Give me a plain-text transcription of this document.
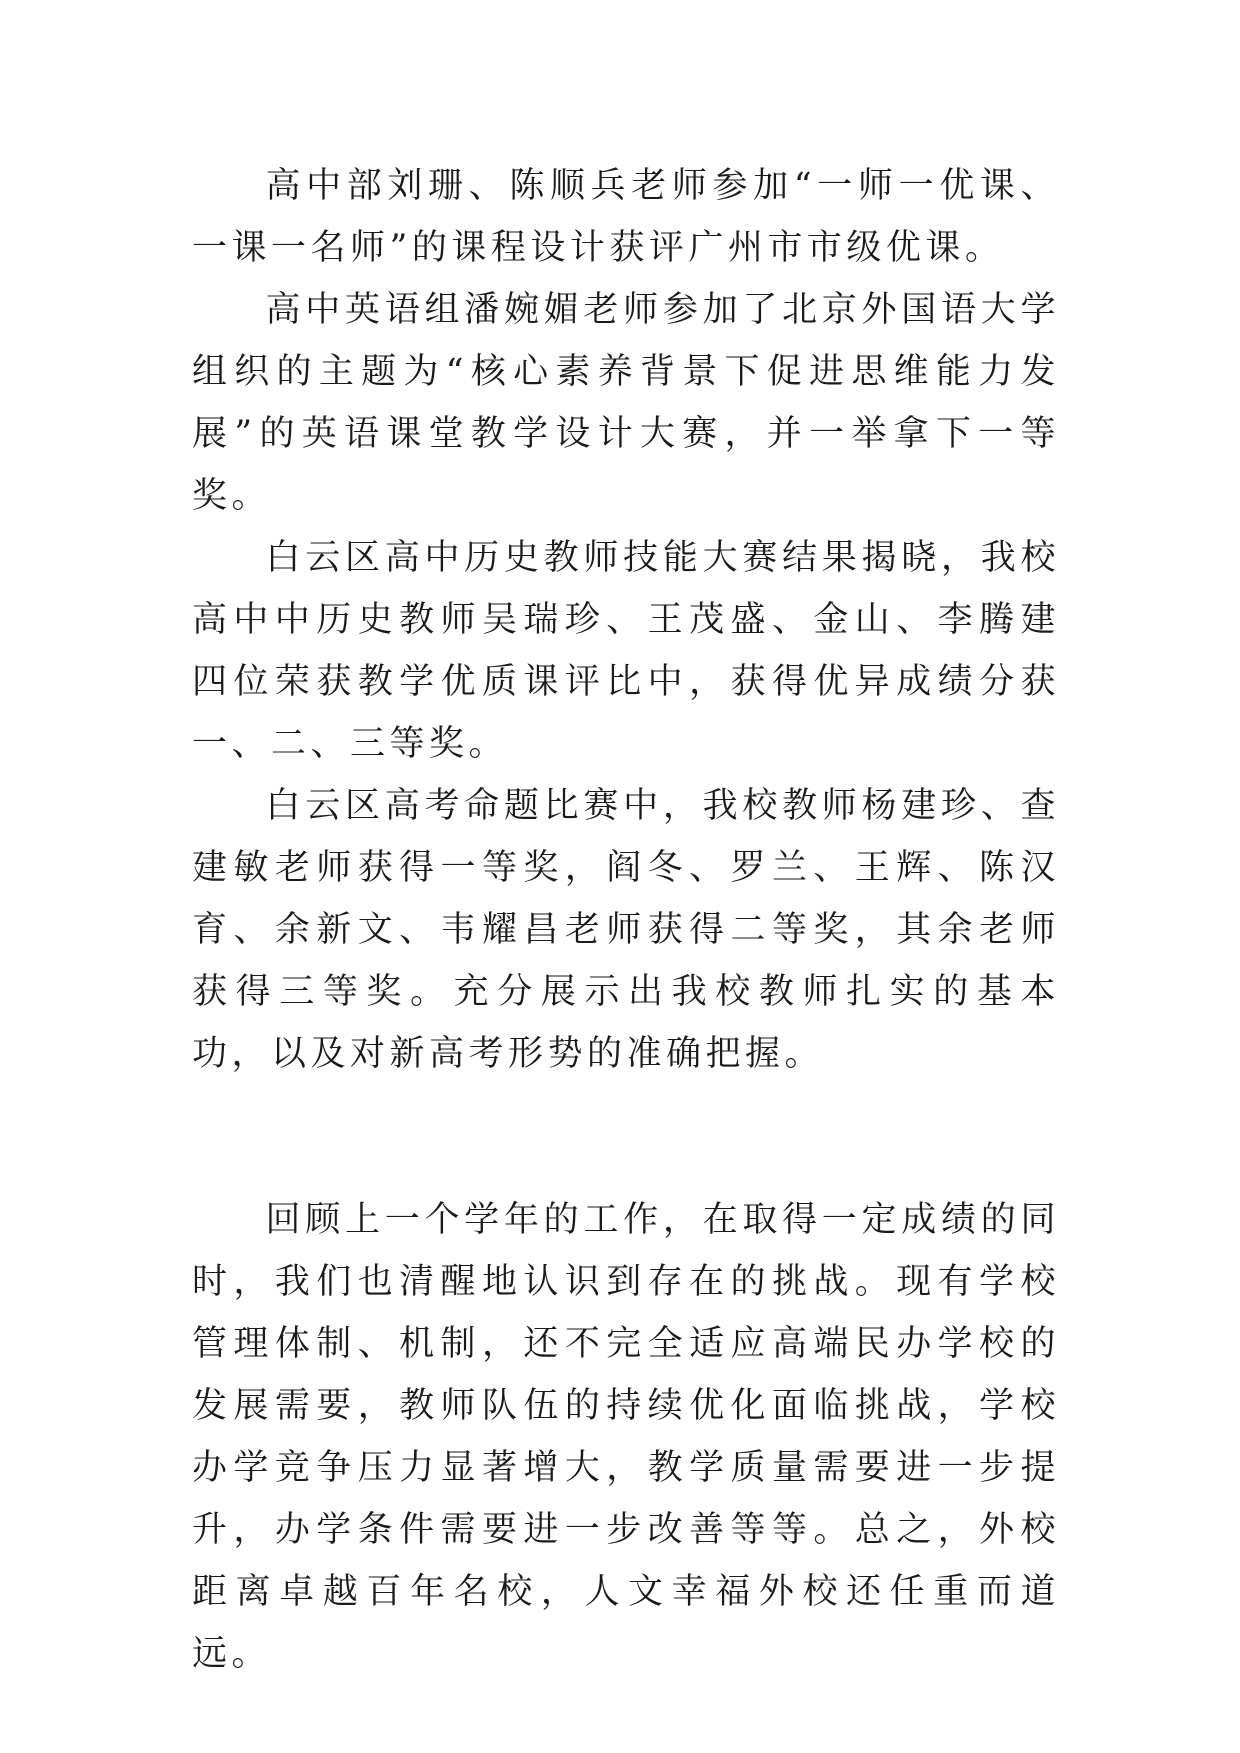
高中部刘珊、陈顺兵老师参加“一师一优课、一课一名师”的课程设计获评广州市市级优课。

高中英语组潘婉媚老师参加了北京外国语大学组织的主题为“核心素养背景下促进思维能力发展”的英语课堂教学设计大赛，并一举拿下一等奖。

白云区高中历史教师技能大赛结果揭晓，我校高中中历史教师吴瑞珍、王茂盛、金山、李腾建四位荣获教学优质课评比中，获得优异成绩分获一、二、三等奖。

白云区高考命题比赛中，我校教师杨建珍、查建敏老师获得一等奖，阎冬、罗兰、王辉、陈汉育、余新文、韦耀昌老师获得二等奖，其余老师获得三等奖。充分展示出我校教师扎实的基本功，以及对新高考形势的准确把握。

回顾上一个学年的工作，在取得一定成绩的同时，我们也清醒地认识到存在的挑战。现有学校管理体制、机制，还不完全适应高端民办学校的发展需要，教师队伍的持续优化面临挑战，学校办学竞争压力显著增大，教学质量需要进一步提升，办学条件需要进一步改善等等。总之，外校距离卓越百年名校，人文幸福外校还任重而道远。
